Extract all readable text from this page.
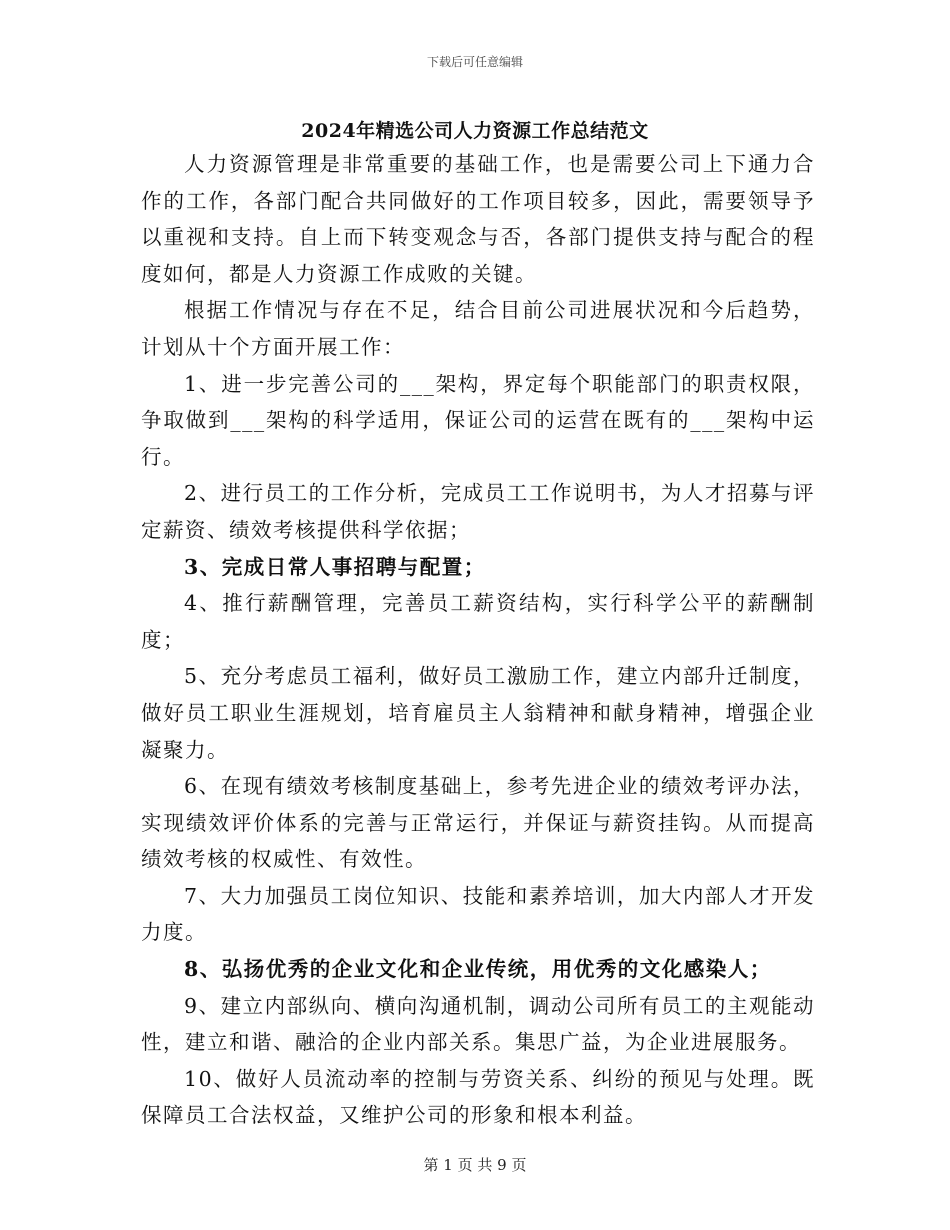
下载后可任意编辑
2024年精选公司人力资源工作总结范文

人力资源管理是非常重要的基础工作，也是需要公司上下通力合作的工作，各部门配合共同做好的工作项目较多，因此，需要领导予以重视和支持。自上而下转变观念与否，各部门提供支持与配合的程度如何，都是人力资源工作成败的关键。

根据工作情况与存在不足，结合目前公司进展状况和今后趋势，计划从十个方面开展工作：

1、进一步完善公司的___架构，界定每个职能部门的职责权限，争取做到___架构的科学适用，保证公司的运营在既有的___架构中运行。

2、进行员工的工作分析，完成员工工作说明书，为人才招募与评定薪资、绩效考核提供科学依据；

3、完成日常人事招聘与配置；

4、推行薪酬管理，完善员工薪资结构，实行科学公平的薪酬制度；

5、充分考虑员工福利，做好员工激励工作，建立内部升迁制度，做好员工职业生涯规划，培育雇员主人翁精神和献身精神，增强企业凝聚力。

6、在现有绩效考核制度基础上，参考先进企业的绩效考评办法，实现绩效评价体系的完善与正常运行，并保证与薪资挂钩。从而提高绩效考核的权威性、有效性。

7、大力加强员工岗位知识、技能和素养培训，加大内部人才开发力度。

8、弘扬优秀的企业文化和企业传统，用优秀的文化感染人；

9、建立内部纵向、横向沟通机制，调动公司所有员工的主观能动性，建立和谐、融洽的企业内部关系。集思广益，为企业进展服务。

10、做好人员流动率的控制与劳资关系、纠纷的预见与处理。既保障员工合法权益，又维护公司的形象和根本利益。

第 1 页 共 9 页
